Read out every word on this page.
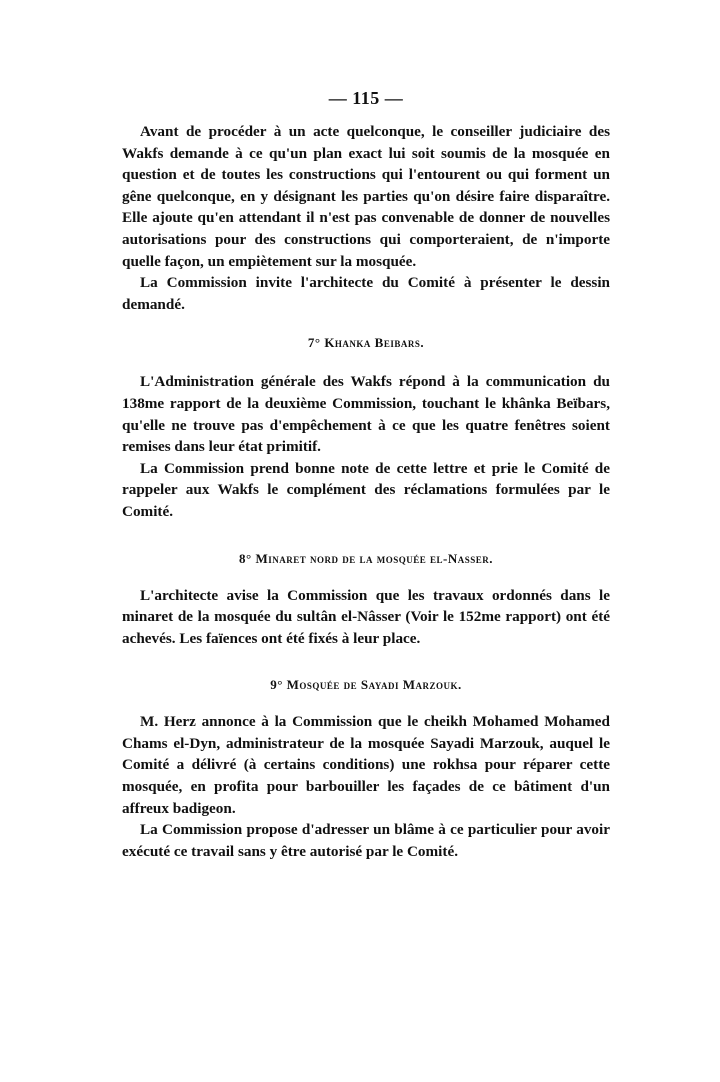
— 115 —

Avant de procéder à un acte quelconque, le conseiller judiciaire des Wakfs demande à ce qu'un plan exact lui soit soumis de la mosquée en question et de toutes les constructions qui l'entourent ou qui forment un gêne quelconque, en y désignant les parties qu'on désire faire disparaître. Elle ajoute qu'en attendant il n'est pas convenable de donner de nouvelles autorisations pour des constructions qui comporteraient, de n'importe quelle façon, un empiètement sur la mosquée.

La Commission invite l'architecte du Comité à présenter le dessin demandé.

7° Khanka Beibars.

L'Administration générale des Wakfs répond à la communication du 138me rapport de la deuxième Commission, touchant le khânka Beïbars, qu'elle ne trouve pas d'empêchement à ce que les quatre fenêtres soient remises dans leur état primitif.

La Commission prend bonne note de cette lettre et prie le Comité de rappeler aux Wakfs le complément des réclamations formulées par le Comité.

8° Minaret nord de la mosquée el-Nasser.

L'architecte avise la Commission que les travaux ordonnés dans le minaret de la mosquée du sultân el-Nâsser (Voir le 152me rapport) ont été achevés. Les faïences ont été fixés à leur place.

9° Mosquée de Sayadi Marzouk.

M. Herz annonce à la Commission que le cheikh Mohamed Mohamed Chams el-Dyn, administrateur de la mosquée Sayadi Marzouk, auquel le Comité a délivré (à certains conditions) une rokhsa pour réparer cette mosquée, en profita pour barbouiller les façades de ce bâtiment d'un affreux badigeon.

La Commission propose d'adresser un blâme à ce particulier pour avoir exécuté ce travail sans y être autorisé par le Comité.
